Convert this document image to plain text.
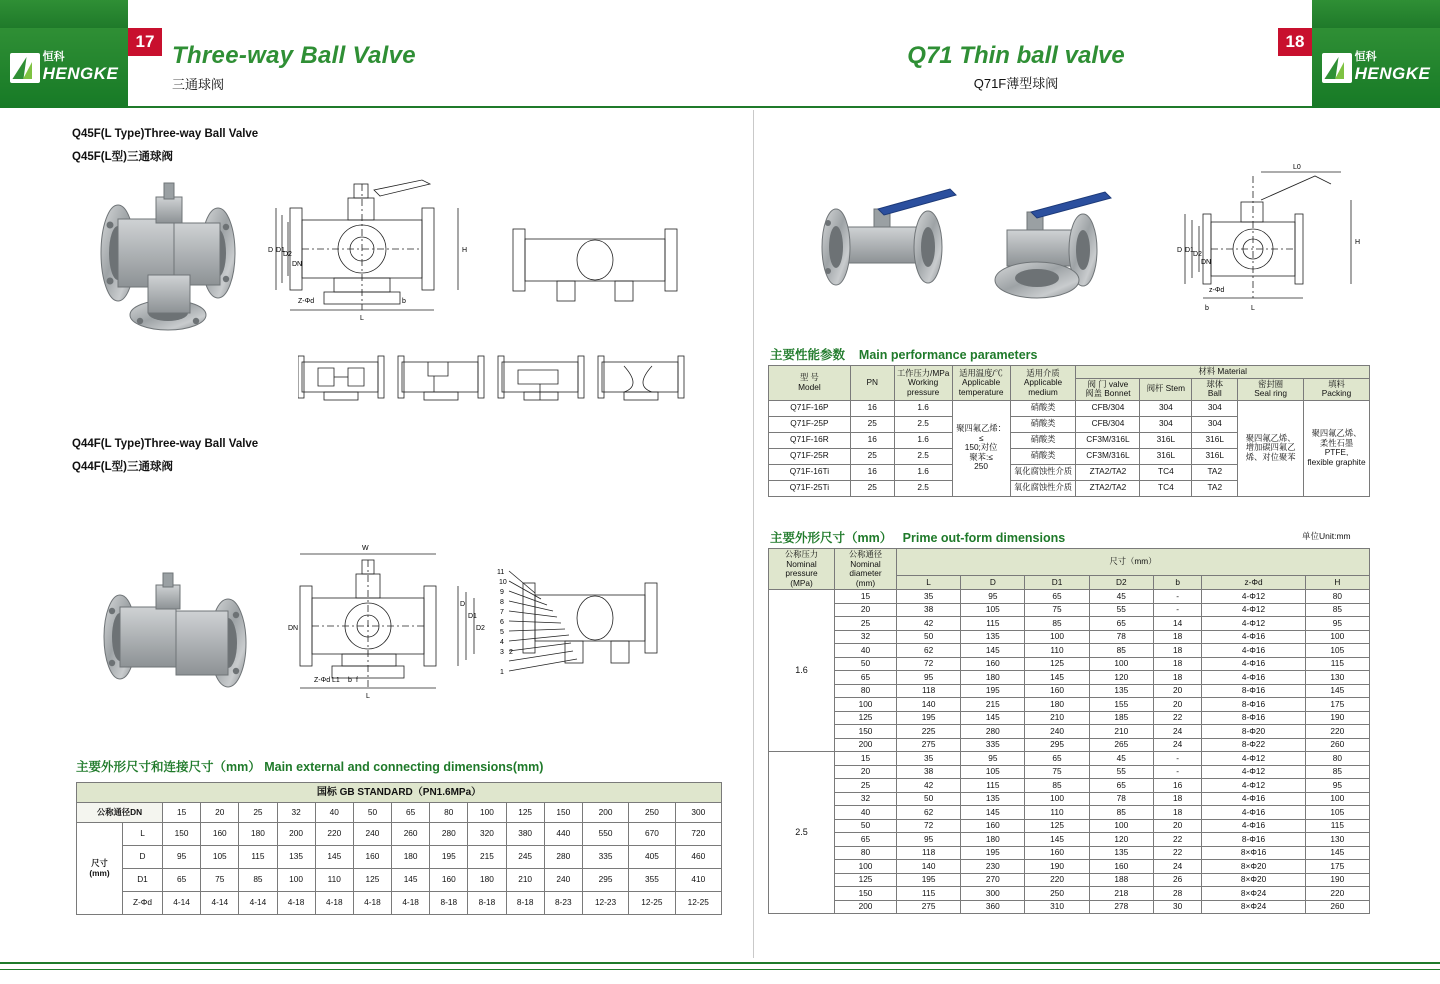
恒科
HENGKE
恒科
HENGKE
17	18
Three-way Ball Valve
三通球阀
Q71 Thin ball valve
Q71F薄型球阀
Q45F(L Type)Three-way Ball Valve
Q45F(L型)三通球阀
D D1
D2
DN
Z-Φd
L
H
b
Q44F(L Type)Three-way Ball Valve
Q44F(L型)三通球阀
W
DN	D2
D1
D
Z-Φd
L
L1 b f
11
10
9
8
7
6
5
4
3 2
1
主要外形尺寸和连接尺寸（mm） Main external and connecting dimensions(mm)
国标 GB STANDARD（PN1.6MPa）															
公称通径DN		15	20	25	32	40	50	65	80	100	125	150	200	250	300
尺寸
(mm)	L	150	160	180	200	220	240	260	280	320	380	440	550	670	720
	D	95	105	115	135	145	160	180	195	215	245	280	335	405	460
	D1	65	75	85	100	110	125	145	160	180	210	240	295	355	410
	Z-Φd	4-14	4-14	4-14	4-18	4-18	4-18	4-18	8-18	8-18	8-18	8-23	12-23	12-25	12-25
L0
H
D D1
D2
DN
z-Φd
b	L
主要性能参数 Main performance parameters
型 号
Model	PN	工作压力/MPa
Working
pressure	适用温度/℃
Applicable
temperature	适用介质
Applicable
medium	材料 Material				
					阀 门 valve
阀盖 Bonnet	阀杆 Stem	球体
Ball	密封圈
Seal ring	填料
Packing
Q71F-16P	16	1.6	聚四氟乙烯：≤
150;对位
聚苯:≤
250	硝酸类	CFB/304	304	304	聚四氟乙烯、
增加碳四氟乙
烯、对位聚苯	聚四氟乙烯、
柔性石墨
PTFE,
flexible graphite
Q71F-25P	25	2.5		硝酸类	CFB/304	304	304		
Q71F-16R	16	1.6		硝酸类	CF3M/316L	316L	316L		
Q71F-25R	25	2.5		硝酸类	CF3M/316L	316L	316L		
Q71F-16Ti	16	1.6		氧化腐蚀性介质	ZTA2/TA2	TC4	TA2		
Q71F-25Ti	25	2.5		氧化腐蚀性介质	ZTA2/TA2	TC4	TA2		
主要外形尺寸（mm） Prime out-form dimensions	单位Unit:mm
公称压力
Nominal
pressure
(MPa)	公称通径
Nominal
diameter
(mm)	尺寸（mm）						
		L	D	D1	D2	b	z-Φd	H
1.6	15	35	95	65	45	-	4-Φ12	80
	20	38	105	75	55	-	4-Φ12	85
	25	42	115	85	65	14	4-Φ12	95
	32	50	135	100	78	18	4-Φ16	100
	40	62	145	110	85	18	4-Φ16	105
	50	72	160	125	100	18	4-Φ16	115
	65	95	180	145	120	18	4-Φ16	130
	80	118	195	160	135	20	8-Φ16	145
	100	140	215	180	155	20	8-Φ16	175
	125	195	145	210	185	22	8-Φ16	190
	150	225	280	240	210	24	8-Φ20	220
	200	275	335	295	265	24	8-Φ22	260
2.5	15	35	95	65	45	-	4-Φ12	80
	20	38	105	75	55	-	4-Φ12	85
	25	42	115	85	65	16	4-Φ12	95
	32	50	135	100	78	18	4-Φ16	100
	40	62	145	110	85	18	4-Φ16	105
	50	72	160	125	100	20	4-Φ16	115
	65	95	180	145	120	22	8-Φ16	130
	80	118	195	160	135	22	8×Φ16	145
	100	140	230	190	160	24	8×Φ20	175
	125	195	270	220	188	26	8×Φ20	190
	150	115	300	250	218	28	8×Φ24	220
	200	275	360	310	278	30	8×Φ24	260
